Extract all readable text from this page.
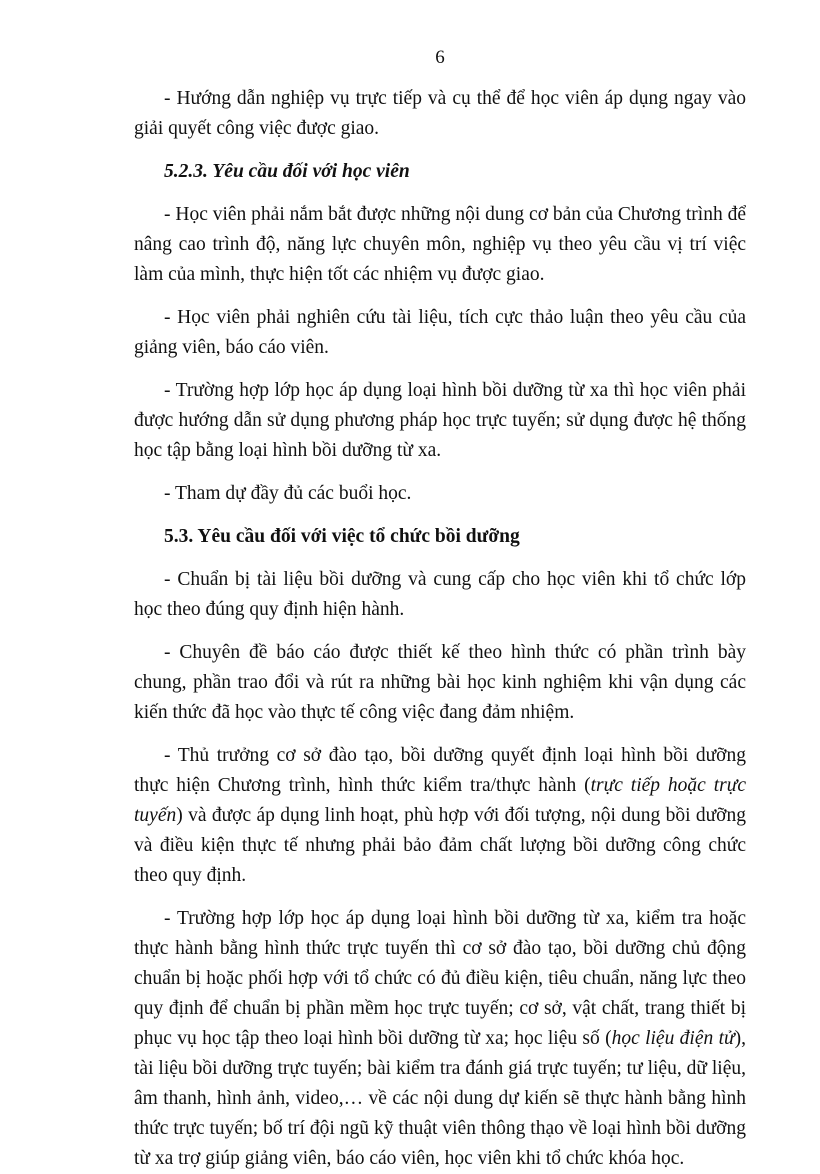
6

- Hướng dẫn nghiệp vụ trực tiếp và cụ thể để học viên áp dụng ngay vào giải quyết công việc được giao.

5.2.3. Yêu cầu đối với học viên

- Học viên phải nắm bắt được những nội dung cơ bản của Chương trình để nâng cao trình độ, năng lực chuyên môn, nghiệp vụ theo yêu cầu vị trí việc làm của mình, thực hiện tốt các nhiệm vụ được giao.

- Học viên phải nghiên cứu tài liệu, tích cực thảo luận theo yêu cầu của giảng viên, báo cáo viên.

- Trường hợp lớp học áp dụng loại hình bồi dưỡng từ xa thì học viên phải được hướng dẫn sử dụng phương pháp học trực tuyến; sử dụng được hệ thống học tập bằng loại hình bồi dưỡng từ xa.

- Tham dự đầy đủ các buổi học.

5.3. Yêu cầu đối với việc tổ chức bồi dưỡng

- Chuẩn bị tài liệu bồi dưỡng và cung cấp cho học viên khi tổ chức lớp học theo đúng quy định hiện hành.

- Chuyên đề báo cáo được thiết kế theo hình thức có phần trình bày chung, phần trao đổi và rút ra những bài học kinh nghiệm khi vận dụng các kiến thức đã học vào thực tế công việc đang đảm nhiệm.

- Thủ trưởng cơ sở đào tạo, bồi dưỡng quyết định loại hình bồi dưỡng thực hiện Chương trình, hình thức kiểm tra/thực hành (trực tiếp hoặc trực tuyến) và được áp dụng linh hoạt, phù hợp với đối tượng, nội dung bồi dưỡng và điều kiện thực tế nhưng phải bảo đảm chất lượng bồi dưỡng công chức theo quy định.

- Trường hợp lớp học áp dụng loại hình bồi dưỡng từ xa, kiểm tra hoặc thực hành bằng hình thức trực tuyến thì cơ sở đào tạo, bồi dưỡng chủ động chuẩn bị hoặc phối hợp với tổ chức có đủ điều kiện, tiêu chuẩn, năng lực theo quy định để chuẩn bị phần mềm học trực tuyến; cơ sở, vật chất, trang thiết bị phục vụ học tập theo loại hình bồi dưỡng từ xa; học liệu số (học liệu điện tử), tài liệu bồi dưỡng trực tuyến; bài kiểm tra đánh giá trực tuyến; tư liệu, dữ liệu, âm thanh, hình ảnh, video,… về các nội dung dự kiến sẽ thực hành bằng hình thức trực tuyến; bố trí đội ngũ kỹ thuật viên thông thạo về loại hình bồi dưỡng từ xa trợ giúp giảng viên, báo cáo viên, học viên khi tổ chức khóa học.
